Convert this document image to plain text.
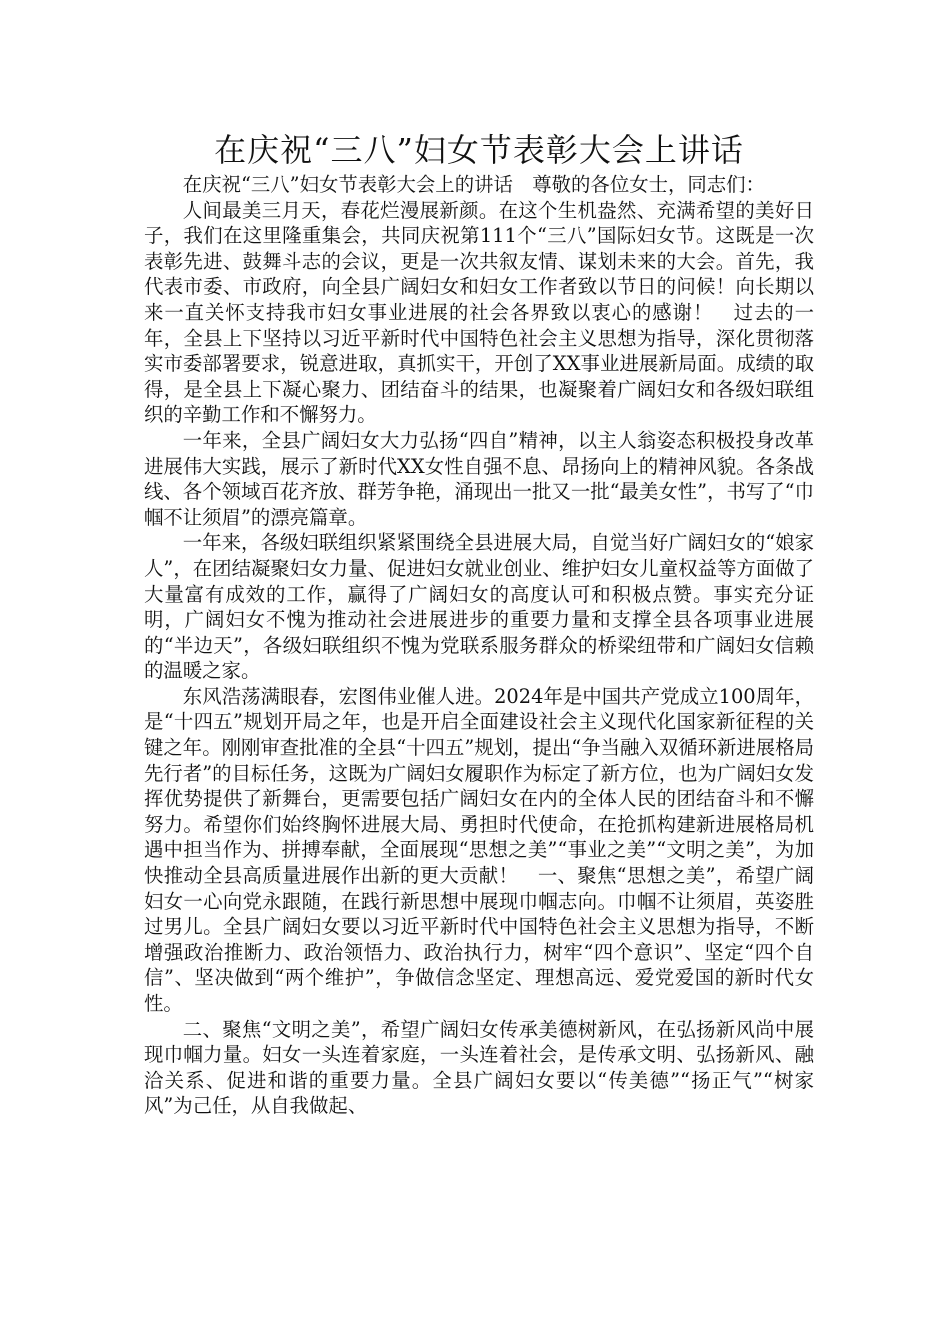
在庆祝“三八”妇女节表彰大会上讲话

在庆祝“三八”妇女节表彰大会上的讲话　尊敬的各位女士，同志们：

人间最美三月天，春花烂漫展新颜。在这个生机盎然、充满希望的美好日子，我们在这里隆重集会，共同庆祝第111个“三八”国际妇女节。这既是一次表彰先进、鼓舞斗志的会议，更是一次共叙友情、谋划未来的大会。首先，我代表市委、市政府，向全县广阔妇女和妇女工作者致以节日的问候！向长期以来一直关怀支持我市妇女事业进展的社会各界致以衷心的感谢！　过去的一年，全县上下坚持以习近平新时代中国特色社会主义思想为指导，深化贯彻落实市委部署要求，锐意进取，真抓实干，开创了XX事业进展新局面。成绩的取得，是全县上下凝心聚力、团结奋斗的结果，也凝聚着广阔妇女和各级妇联组织的辛勤工作和不懈努力。

一年来，全县广阔妇女大力弘扬“四自”精神，以主人翁姿态积极投身改革进展伟大实践，展示了新时代XX女性自强不息、昂扬向上的精神风貌。各条战线、各个领域百花齐放、群芳争艳，涌现出一批又一批“最美女性”，书写了“巾帼不让须眉”的漂亮篇章。

一年来，各级妇联组织紧紧围绕全县进展大局，自觉当好广阔妇女的“娘家人”，在团结凝聚妇女力量、促进妇女就业创业、维护妇女儿童权益等方面做了大量富有成效的工作，赢得了广阔妇女的高度认可和积极点赞。事实充分证明，广阔妇女不愧为推动社会进展进步的重要力量和支撑全县各项事业进展的“半边天”，各级妇联组织不愧为党联系服务群众的桥梁纽带和广阔妇女信赖的温暖之家。

东风浩荡满眼春，宏图伟业催人进。2024年是中国共产党成立100周年，是“十四五”规划开局之年，也是开启全面建设社会主义现代化国家新征程的关键之年。刚刚审查批准的全县“十四五”规划，提出“争当融入双循环新进展格局先行者”的目标任务，这既为广阔妇女履职作为标定了新方位，也为广阔妇女发挥优势提供了新舞台，更需要包括广阔妇女在内的全体人民的团结奋斗和不懈努力。希望你们始终胸怀进展大局、勇担时代使命，在抢抓构建新进展格局机遇中担当作为、拼搏奉献，全面展现“思想之美”“事业之美”“文明之美”，为加快推动全县高质量进展作出新的更大贡献！　一、聚焦“思想之美”，希望广阔妇女一心向党永跟随，在践行新思想中展现巾帼志向。巾帼不让须眉，英姿胜过男儿。全县广阔妇女要以习近平新时代中国特色社会主义思想为指导，不断增强政治推断力、政治领悟力、政治执行力，树牢“四个意识”、坚定“四个自信”、坚决做到“两个维护”，争做信念坚定、理想高远、爱党爱国的新时代女性。

二、聚焦“文明之美”，希望广阔妇女传承美德树新风，在弘扬新风尚中展现巾帼力量。妇女一头连着家庭，一头连着社会，是传承文明、弘扬新风、融洽关系、促进和谐的重要力量。全县广阔妇女要以“传美德”“扬正气”“树家风”为己任，从自我做起、
